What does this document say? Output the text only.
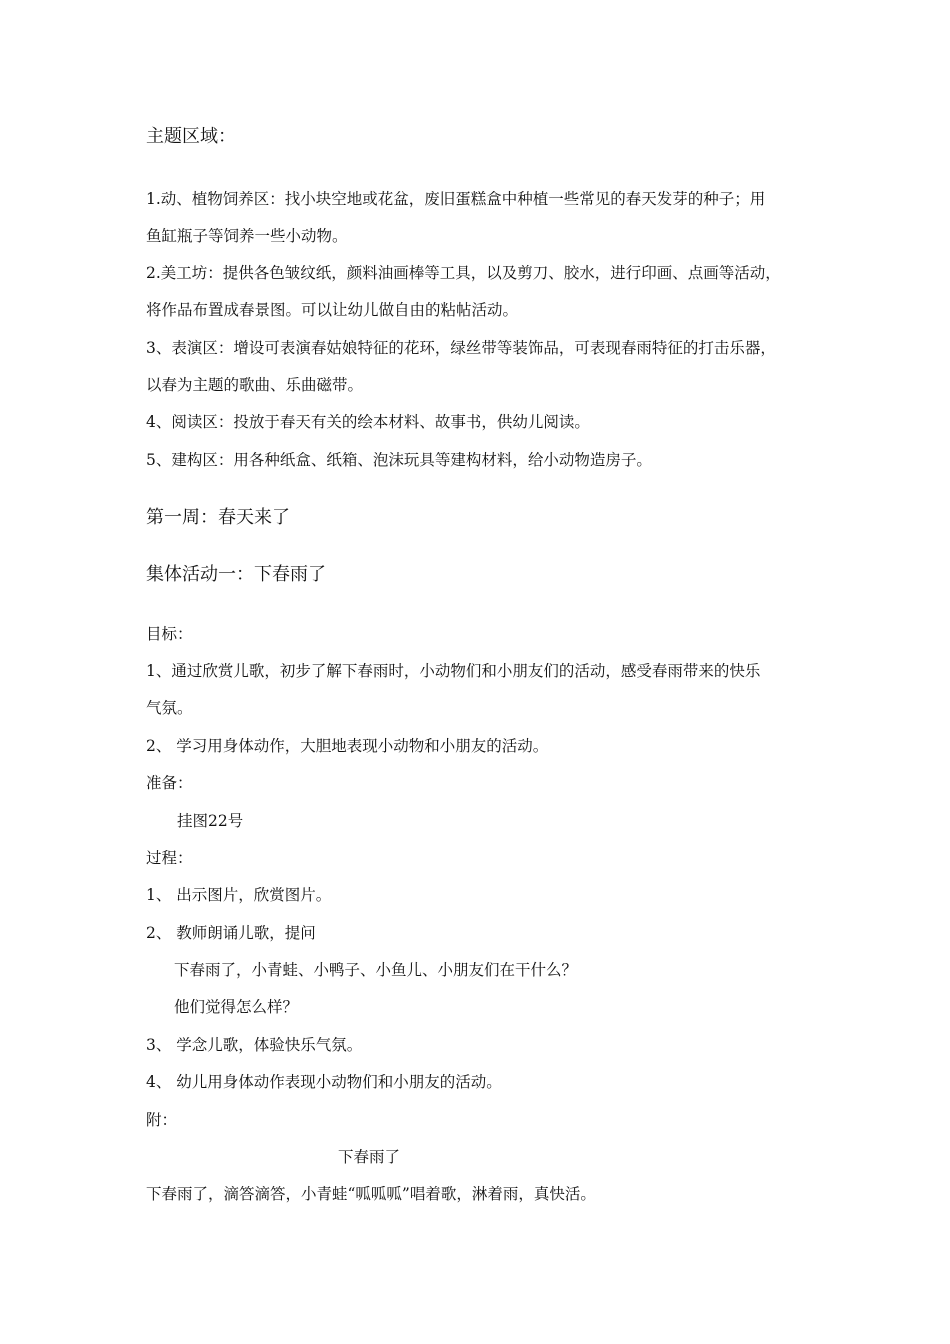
主题区域：
1.动、植物饲养区：找小块空地或花盆，废旧蛋糕盒中种植一些常见的春天发芽的种子；用
鱼缸瓶子等饲养一些小动物。
2.美工坊：提供各色皱纹纸，颜料油画棒等工具，以及剪刀、胶水，进行印画、点画等活动，
将作品布置成春景图。可以让幼儿做自由的粘帖活动。
3、表演区：增设可表演春姑娘特征的花环，绿丝带等装饰品，可表现春雨特征的打击乐器，
以春为主题的歌曲、乐曲磁带。
4、阅读区：投放于春天有关的绘本材料、故事书，供幼儿阅读。
5、建构区：用各种纸盒、纸箱、泡沫玩具等建构材料，给小动物造房子。
第一周：春天来了
集体活动一：下春雨了
目标：
1、通过欣赏儿歌，初步了解下春雨时，小动物们和小朋友们的活动，感受春雨带来的快乐
气氛。
2、 学习用身体动作，大胆地表现小动物和小朋友的活动。
准备：
挂图22号
过程：
1、 出示图片，欣赏图片。
2、 教师朗诵儿歌，提问
下春雨了，小青蛙、小鸭子、小鱼儿、小朋友们在干什么？
他们觉得怎么样？
3、 学念儿歌，体验快乐气氛。
4、 幼儿用身体动作表现小动物们和小朋友的活动。
附：
下春雨了
下春雨了，滴答滴答，小青蛙“呱呱呱”唱着歌，淋着雨，真快活。
